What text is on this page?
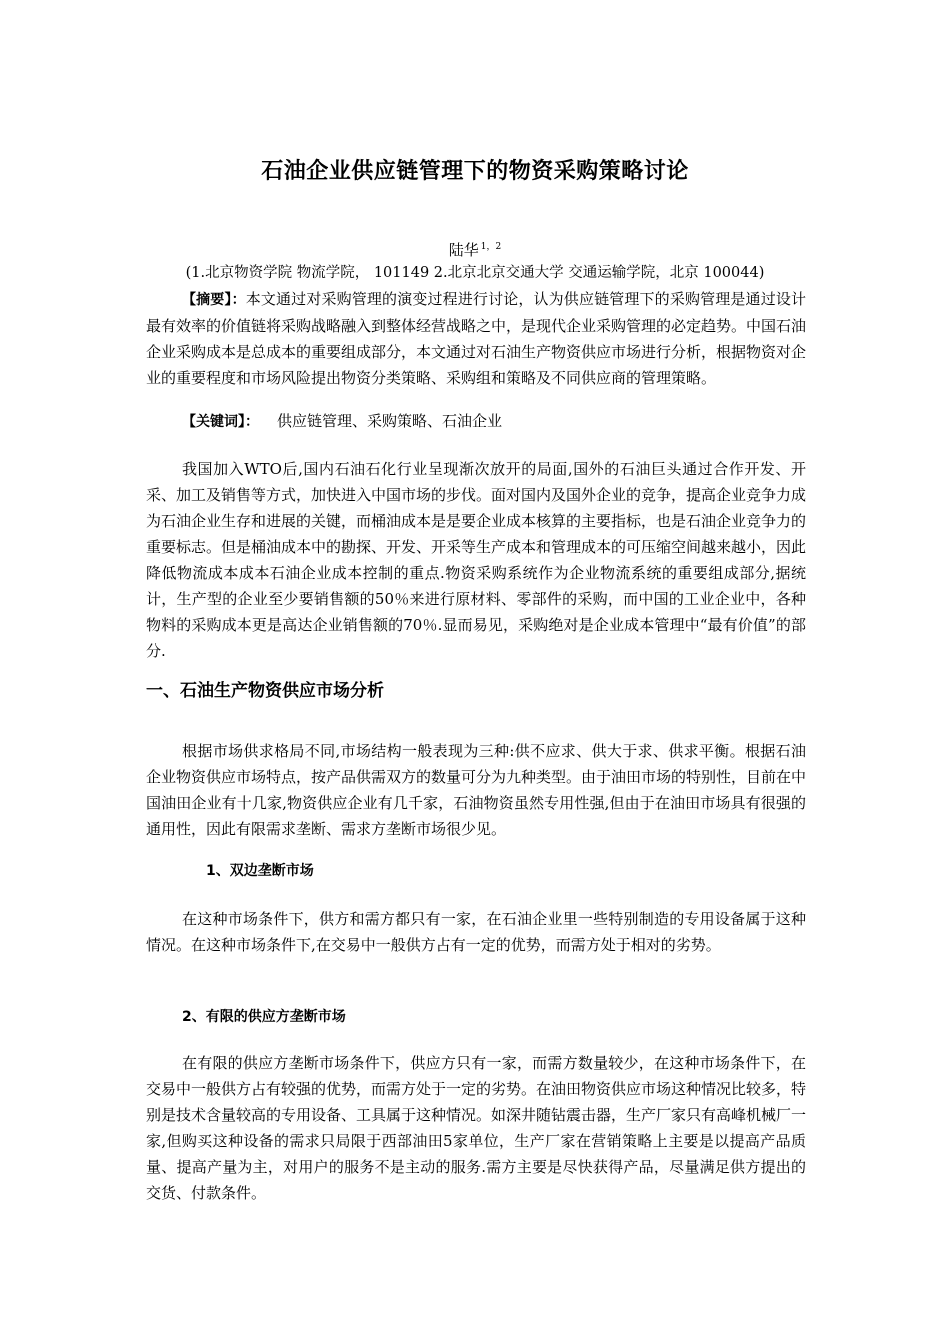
石油企业供应链管理下的物资采购策略讨论
陆华 $^{1,2}$
(1.北京物资学院 物流学院， 101149 2.北京北京交通大学 交通运输学院，北京 100044)
【摘要】：本文通过对采购管理的演变过程进行讨论，认为供应链管理下的采购管理是通过设计最有效率的价值链将采购战略融入到整体经营战略之中，是现代企业采购管理的必定趋势。中国石油企业采购成本是总成本的重要组成部分，本文通过对石油生产物资供应市场进行分析，根据物资对企业的重要程度和市场风险提出物资分类策略、采购组和策略及不同供应商的管理策略。
【关键词】： 供应链管理、采购策略、石油企业
我国加入WTO后,国内石油石化行业呈现渐次放开的局面,国外的石油巨头通过合作开发、开采、加工及销售等方式，加快进入中国市场的步伐。面对国内及国外企业的竞争，提高企业竞争力成为石油企业生存和进展的关键，而桶油成本是是要企业成本核算的主要指标，也是石油企业竞争力的重要标志。但是桶油成本中的勘探、开发、开采等生产成本和管理成本的可压缩空间越来越小，因此降低物流成本成本石油企业成本控制的重点.物资采购系统作为企业物流系统的重要组成部分,据统计，生产型的企业至少要销售额的50％来进行原材料、零部件的采购，而中国的工业企业中，各种物料的采购成本更是高达企业销售额的70％.显而易见，采购绝对是企业成本管理中“最有价值”的部分.
一、石油生产物资供应市场分析
根据市场供求格局不同,市场结构一般表现为三种:供不应求、供大于求、供求平衡。根据石油企业物资供应市场特点，按产品供需双方的数量可分为九种类型。由于油田市场的特别性，目前在中国油田企业有十几家,物资供应企业有几千家，石油物资虽然专用性强,但由于在油田市场具有很强的通用性，因此有限需求垄断、需求方垄断市场很少见。
1、双边垄断市场
在这种市场条件下，供方和需方都只有一家，在石油企业里一些特别制造的专用设备属于这种情况。在这种市场条件下,在交易中一般供方占有一定的优势，而需方处于相对的劣势。
2、有限的供应方垄断市场
在有限的供应方垄断市场条件下，供应方只有一家，而需方数量较少，在这种市场条件下，在交易中一般供方占有较强的优势，而需方处于一定的劣势。在油田物资供应市场这种情况比较多，特别是技术含量较高的专用设备、工具属于这种情况。如深井随钻震击器，生产厂家只有高峰机械厂一家,但购买这种设备的需求只局限于西部油田5家单位，生产厂家在营销策略上主要是以提高产品质量、提高产量为主，对用户的服务不是主动的服务.需方主要是尽快获得产品，尽量满足供方提出的交货、付款条件。
